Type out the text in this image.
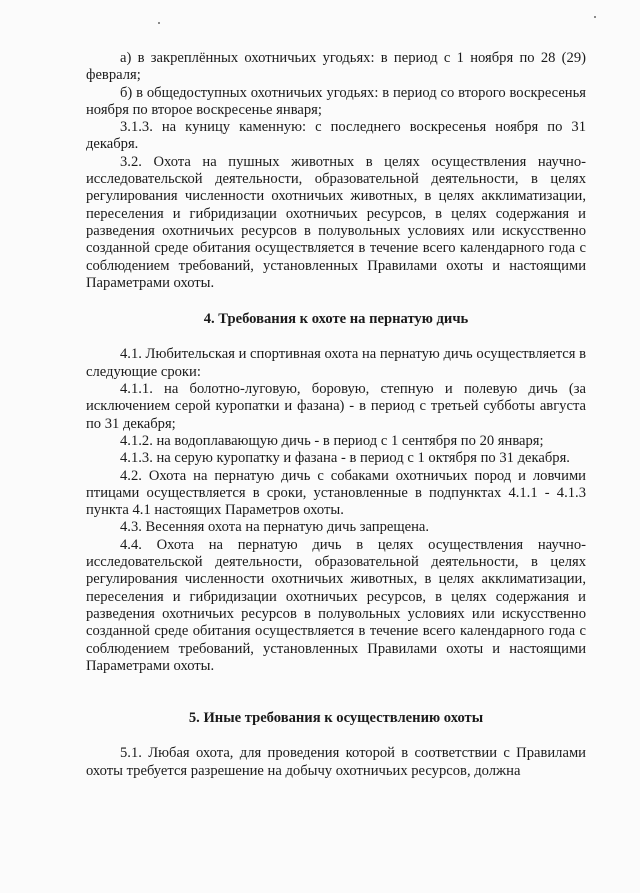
а) в закреплённых охотничьих угодьях: в период с 1 ноября по 28 (29) февраля;

б) в общедоступных охотничьих угодьях: в период со второго воскресенья ноября по второе воскресенье января;

3.1.3. на куницу каменную: с последнего воскресенья ноября по 31 декабря.

3.2. Охота на пушных животных в целях осуществления научно-исследовательской деятельности, образовательной деятельности, в целях регулирования численности охотничьих животных, в целях акклиматизации, переселения и гибридизации охотничьих ресурсов, в целях содержания и разведения охотничьих ресурсов в полувольных условиях или искусственно созданной среде обитания осуществляется в течение всего календарного года с соблюдением требований, установленных Правилами охоты и настоящими Параметрами охоты.

4. Требования к охоте на пернатую дичь

4.1. Любительская и спортивная охота на пернатую дичь осуществляется в следующие сроки:

4.1.1. на болотно-луговую, боровую, степную и полевую дичь (за исключением серой куропатки и фазана) - в период с третьей субботы августа по 31 декабря;

4.1.2. на водоплавающую дичь - в период с 1 сентября по 20 января;

4.1.3. на серую куропатку и фазана - в период с 1 октября по 31 декабря.

4.2. Охота на пернатую дичь с собаками охотничьих пород и ловчими птицами осуществляется в сроки, установленные в подпунктах 4.1.1 - 4.1.3 пункта 4.1 настоящих Параметров охоты.

4.3. Весенняя охота на пернатую дичь запрещена.

4.4. Охота на пернатую дичь в целях осуществления научно-исследовательской деятельности, образовательной деятельности, в целях регулирования численности охотничьих животных, в целях акклиматизации, переселения и гибридизации охотничьих ресурсов, в целях содержания и разведения охотничьих ресурсов в полувольных условиях или искусственно созданной среде обитания осуществляется в течение всего календарного года с соблюдением требований, установленных Правилами охоты и настоящими Параметрами охоты.

5. Иные требования к осуществлению охоты

5.1. Любая охота, для проведения которой в соответствии с Правилами охоты требуется разрешение на добычу охотничьих ресурсов, должна
